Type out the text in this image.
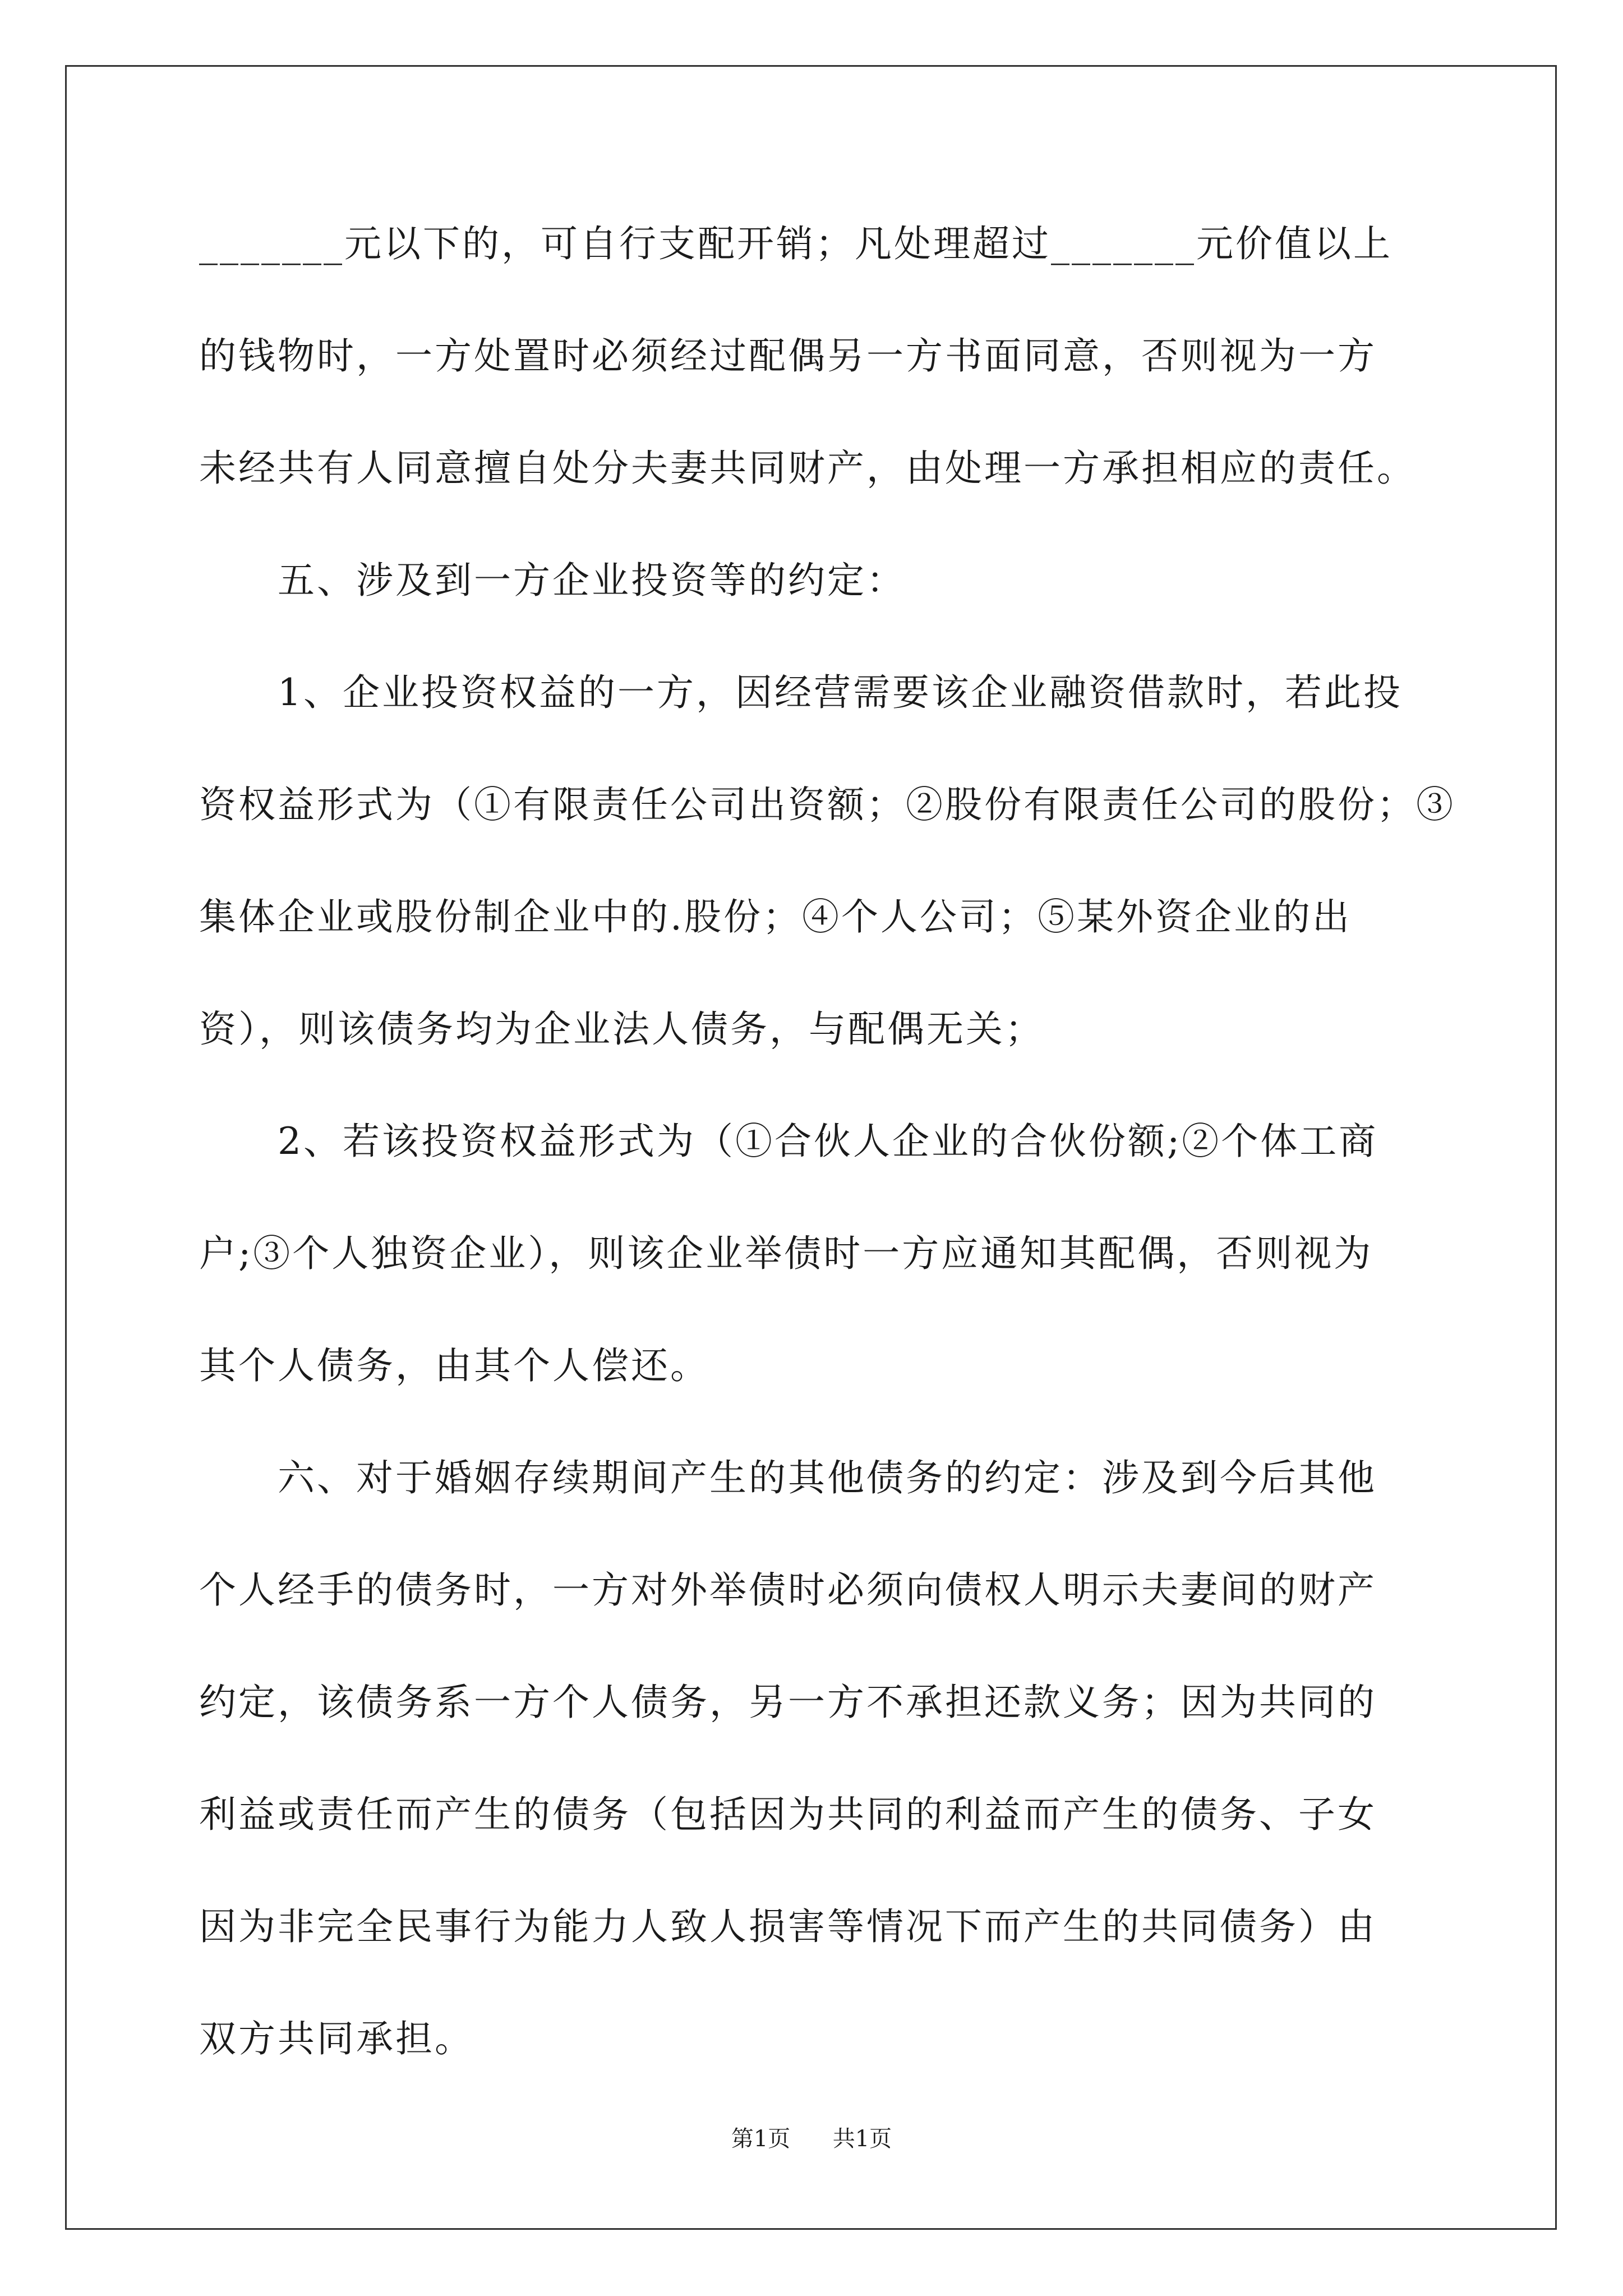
_______元以下的，可自行支配开销；凡处理超过_______元价值以上
的钱物时，一方处置时必须经过配偶另一方书面同意，否则视为一方
未经共有人同意擅自处分夫妻共同财产，由处理一方承担相应的责任。
　　五、涉及到一方企业投资等的约定：
　　1、企业投资权益的一方，因经营需要该企业融资借款时，若此投
资权益形式为（①有限责任公司出资额；②股份有限责任公司的股份；③
集体企业或股份制企业中的.股份；④个人公司；⑤某外资企业的出
资），则该债务均为企业法人债务，与配偶无关；
　　2、若该投资权益形式为（①合伙人企业的合伙份额;②个体工商
户;③个人独资企业），则该企业举债时一方应通知其配偶，否则视为
其个人债务，由其个人偿还。
　　六、对于婚姻存续期间产生的其他债务的约定：涉及到今后其他
个人经手的债务时，一方对外举债时必须向债权人明示夫妻间的财产
约定，该债务系一方个人债务，另一方不承担还款义务；因为共同的
利益或责任而产生的债务（包括因为共同的利益而产生的债务、子女
因为非完全民事行为能力人致人损害等情况下而产生的共同债务）由
双方共同承担。
第1页 共1页
